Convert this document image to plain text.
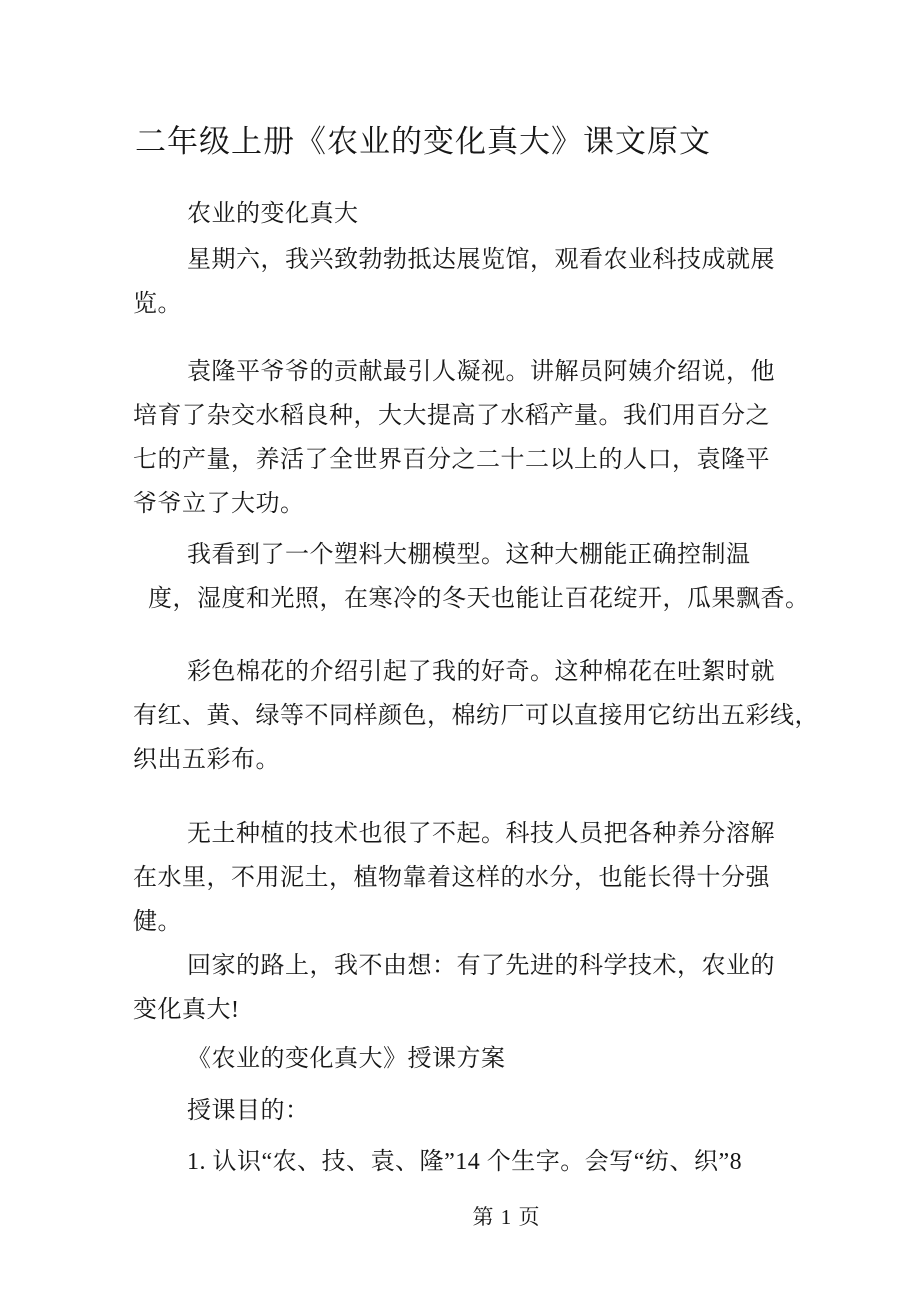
二年级上册《农业的变化真大》课文原文
农业的变化真大
星期六，我兴致勃勃抵达展览馆，观看农业科技成就展
览。
袁隆平爷爷的贡献最引人凝视。讲解员阿姨介绍说，他
培育了杂交水稻良种，大大提高了水稻产量。我们用百分之
七的产量，养活了全世界百分之二十二以上的人口，袁隆平
爷爷立了大功。
我看到了一个塑料大棚模型。这种大棚能正确控制温
度，湿度和光照，在寒冷的冬天也能让百花绽开，瓜果飘香。
彩色棉花的介绍引起了我的好奇。这种棉花在吐絮时就
有红、黄、绿等不同样颜色，棉纺厂可以直接用它纺出五彩线，
织出五彩布。
无土种植的技术也很了不起。科技人员把各种养分溶解
在水里，不用泥土，植物靠着这样的水分，也能长得十分强
健。
回家的路上，我不由想：有了先进的科学技术，农业的
变化真大!
《农业的变化真大》授课方案
授课目的：
1. 认识“农、技、袁、隆”14 个生字。会写“纺、织”8
第 1 页
